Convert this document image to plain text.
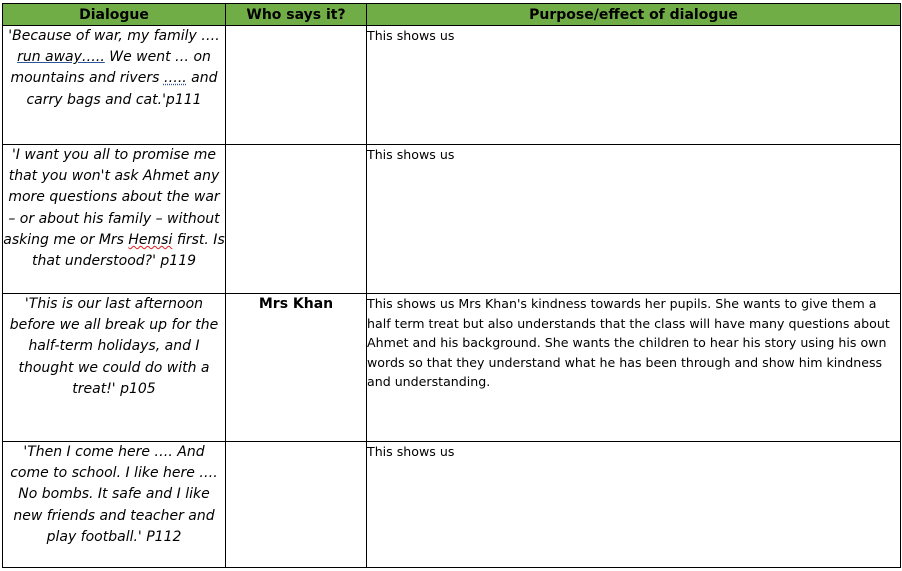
Dialogue	Who says it?	Purpose/effect of dialogue
'Because of war, my family …. run away….. We went … on mountains and rivers ….. and carry bags and cat.'p111		This shows us
'I want you all to promise me that you won't ask Ahmet any more questions about the war – or about his family – without asking me or Mrs Hemsi first. Is that understood?' p119		This shows us
'This is our last afternoon before we all break up for the half-term holidays, and I thought we could do with a treat!' p105	Mrs Khan	This shows us Mrs Khan's kindness towards her pupils. She wants to give them a half term treat but also understands that the class will have many questions about Ahmet and his background. She wants the children to hear his story using his own words so that they understand what he has been through and show him kindness and understanding.
'Then I come here …. And come to school. I like here …. No bombs. It safe and I like new friends and teacher and play football.' P112		This shows us
